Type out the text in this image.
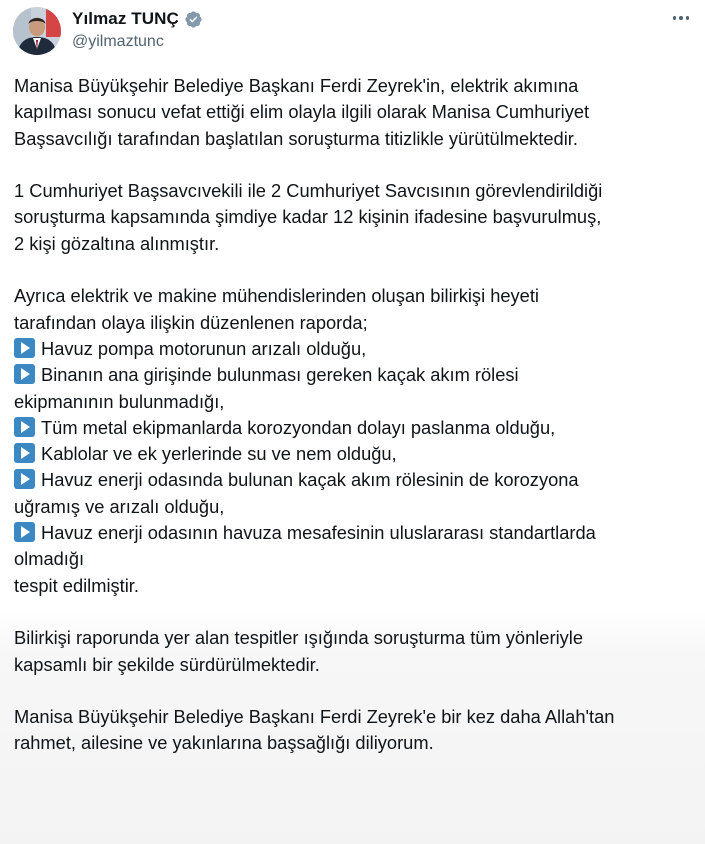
Yılmaz TUNÇ
@yilmaztunc
Manisa Büyükşehir Belediye Başkanı Ferdi Zeyrek'in, elektrik akımına
kapılması sonucu vefat ettiği elim olayla ilgili olarak Manisa Cumhuriyet
Başsavcılığı tarafından başlatılan soruşturma titizlikle yürütülmektedir.
1 Cumhuriyet Başsavcıvekili ile 2 Cumhuriyet Savcısının görevlendirildiği
soruşturma kapsamında şimdiye kadar 12 kişinin ifadesine başvurulmuş,
2 kişi gözaltına alınmıştır.
Ayrıca elektrik ve makine mühendislerinden oluşan bilirkişi heyeti
tarafından olaya ilişkin düzenlenen raporda;
Havuz pompa motorunun arızalı olduğu,
Binanın ana girişinde bulunması gereken kaçak akım rölesi
ekipmanının bulunmadığı,
Tüm metal ekipmanlarda korozyondan dolayı paslanma olduğu,
Kablolar ve ek yerlerinde su ve nem olduğu,
Havuz enerji odasında bulunan kaçak akım rölesinin de korozyona
uğramış ve arızalı olduğu,
Havuz enerji odasının havuza mesafesinin uluslararası standartlarda
olmadığı
tespit edilmiştir.
Bilirkişi raporunda yer alan tespitler ışığında soruşturma tüm yönleriyle
kapsamlı bir şekilde sürdürülmektedir.
Manisa Büyükşehir Belediye Başkanı Ferdi Zeyrek'e bir kez daha Allah'tan
rahmet, ailesine ve yakınlarına başsağlığı diliyorum.
